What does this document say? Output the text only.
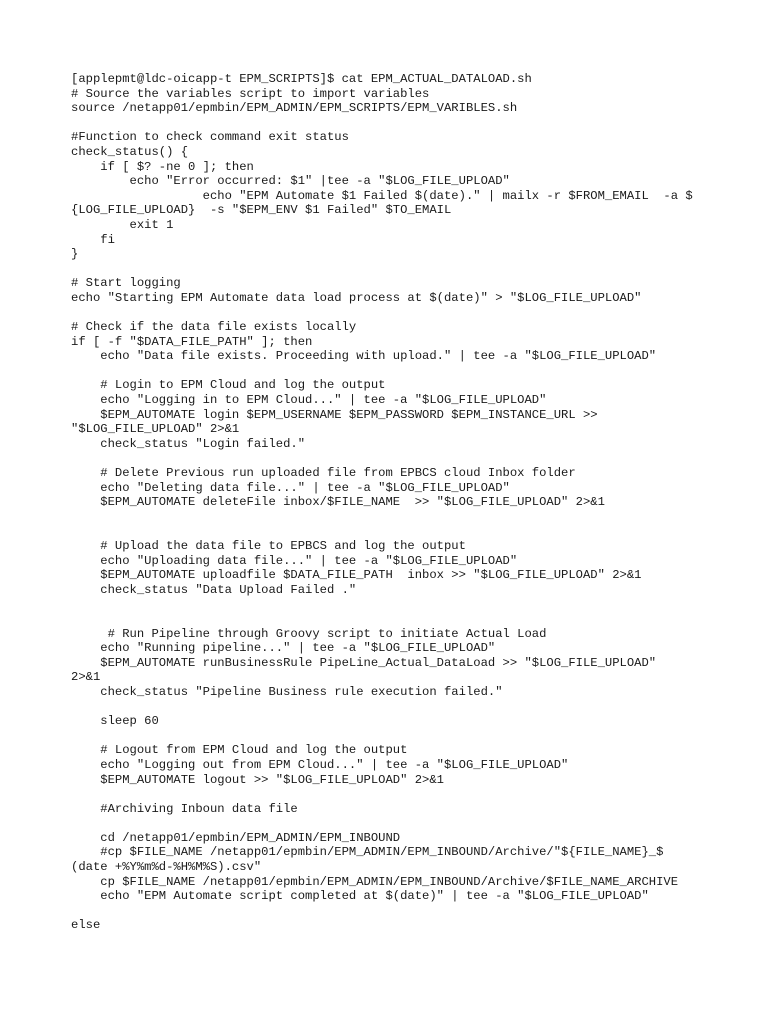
[applepmt@ldc-oicapp-t EPM_SCRIPTS]$ cat EPM_ACTUAL_DATALOAD.sh
# Source the variables script to import variables
source /netapp01/epmbin/EPM_ADMIN/EPM_SCRIPTS/EPM_VARIBLES.sh
#Function to check command exit status
check_status() {
if [ $? -ne 0 ]; then
echo "Error occurred: $1" |tee -a "$LOG_FILE_UPLOAD"
echo "EPM Automate $1 Failed $(date)." | mailx -r $FROM_EMAIL  -a $
{LOG_FILE_UPLOAD}  -s "$EPM_ENV $1 Failed" $TO_EMAIL
exit 1
fi
}
# Start logging
echo "Starting EPM Automate data load process at $(date)" > "$LOG_FILE_UPLOAD"
# Check if the data file exists locally
if [ -f "$DATA_FILE_PATH" ]; then
echo "Data file exists. Proceeding with upload." | tee -a "$LOG_FILE_UPLOAD"
# Login to EPM Cloud and log the output
echo "Logging in to EPM Cloud..." | tee -a "$LOG_FILE_UPLOAD"
$EPM_AUTOMATE login $EPM_USERNAME $EPM_PASSWORD $EPM_INSTANCE_URL >>
"$LOG_FILE_UPLOAD" 2>&1
check_status "Login failed."
# Delete Previous run uploaded file from EPBCS cloud Inbox folder
echo "Deleting data file..." | tee -a "$LOG_FILE_UPLOAD"
$EPM_AUTOMATE deleteFile inbox/$FILE_NAME  >> "$LOG_FILE_UPLOAD" 2>&1
# Upload the data file to EPBCS and log the output
echo "Uploading data file..." | tee -a "$LOG_FILE_UPLOAD"
$EPM_AUTOMATE uploadfile $DATA_FILE_PATH  inbox >> "$LOG_FILE_UPLOAD" 2>&1
check_status "Data Upload Failed ."
# Run Pipeline through Groovy script to initiate Actual Load
echo "Running pipeline..." | tee -a "$LOG_FILE_UPLOAD"
$EPM_AUTOMATE runBusinessRule PipeLine_Actual_DataLoad >> "$LOG_FILE_UPLOAD"
2>&1
check_status "Pipeline Business rule execution failed."
sleep 60
# Logout from EPM Cloud and log the output
echo "Logging out from EPM Cloud..." | tee -a "$LOG_FILE_UPLOAD"
$EPM_AUTOMATE logout >> "$LOG_FILE_UPLOAD" 2>&1
#Archiving Inboun data file
cd /netapp01/epmbin/EPM_ADMIN/EPM_INBOUND
#cp $FILE_NAME /netapp01/epmbin/EPM_ADMIN/EPM_INBOUND/Archive/"${FILE_NAME}_$
(date +%Y%m%d-%H%M%S).csv"
cp $FILE_NAME /netapp01/epmbin/EPM_ADMIN/EPM_INBOUND/Archive/$FILE_NAME_ARCHIVE
echo "EPM Automate script completed at $(date)" | tee -a "$LOG_FILE_UPLOAD"
else
